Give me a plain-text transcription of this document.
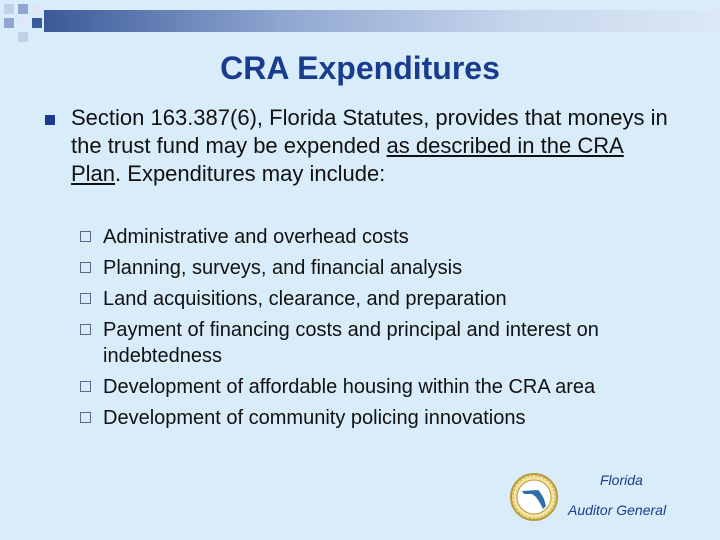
CRA Expenditures
Section 163.387(6), Florida Statutes, provides that moneys in the trust fund may be expended as described in the CRA Plan. Expenditures may include:
Administrative and overhead costs
Planning, surveys, and financial analysis
Land acquisitions, clearance, and preparation
Payment of financing costs and principal and interest on indebtedness
Development of affordable housing within the CRA area
Development of community policing innovations
Florida
Auditor General
